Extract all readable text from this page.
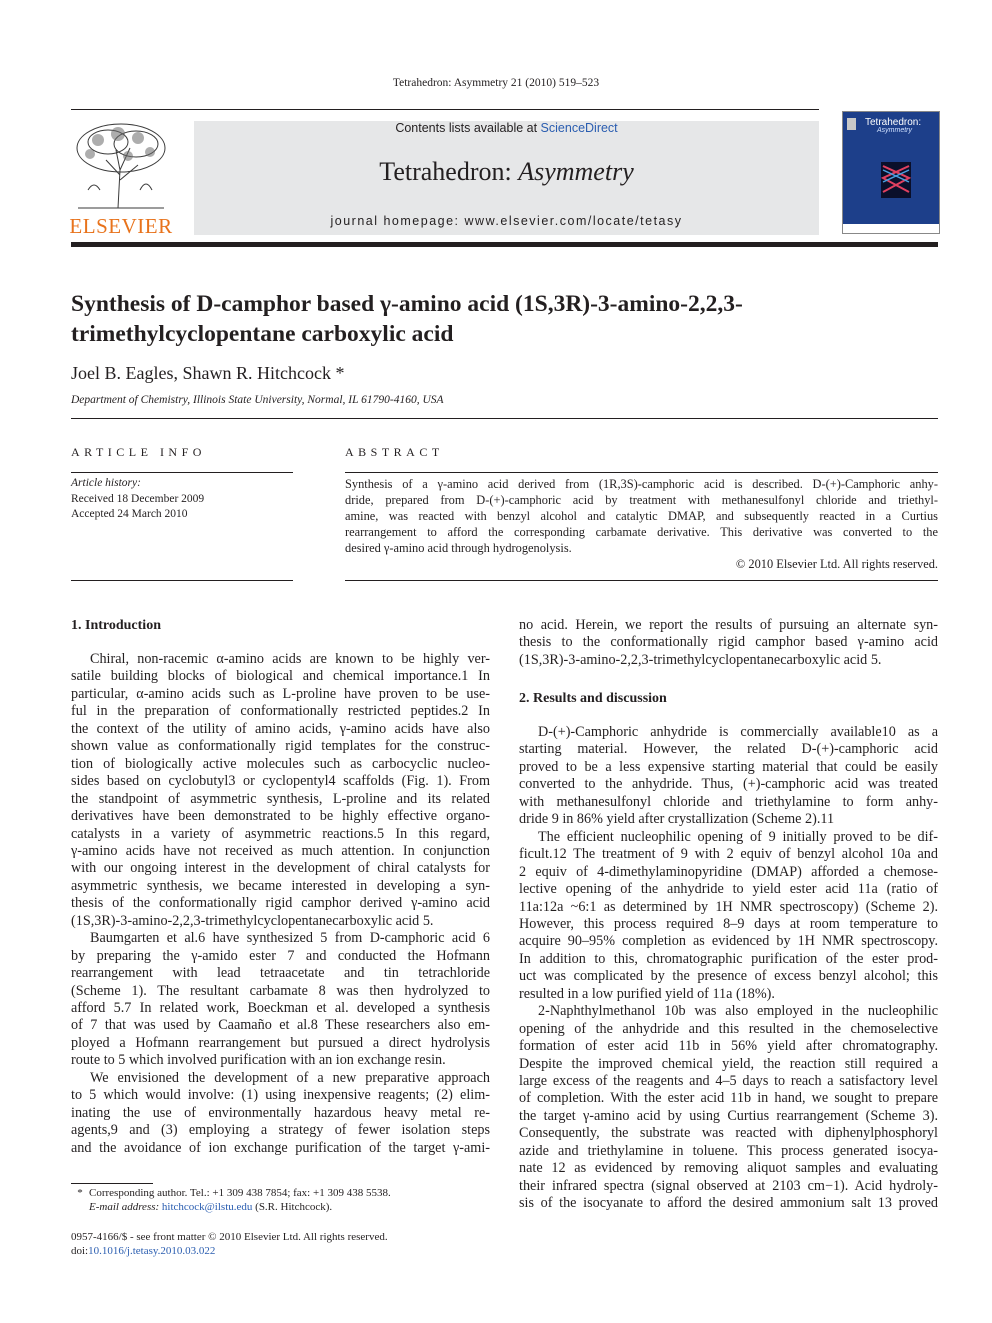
Tetrahedron: Asymmetry 21 (2010) 519–523
ELSEVIER
Contents lists available at ScienceDirect
Tetrahedron: Asymmetry
journal homepage: www.elsevier.com/locate/tetasy
Tetrahedron:
Asymmetry
Synthesis of D-camphor based γ-amino acid (1S,3R)-3-amino-2,2,3-
trimethylcyclopentane carboxylic acid
Joel B. Eagles, Shawn R. Hitchcock *
Department of Chemistry, Illinois State University, Normal, IL 61790-4160, USA
ARTICLE INFO
Article history:
Received 18 December 2009
Accepted 24 March 2010
ABSTRACT
Synthesis of a γ-amino acid derived from (1R,3S)-camphoric acid is described. D-(+)-Camphoric anhy-
dride, prepared from D-(+)-camphoric acid by treatment with methanesulfonyl chloride and triethyl-
amine, was reacted with benzyl alcohol and catalytic DMAP, and subsequently reacted in a Curtius
rearrangement to afford the corresponding carbamate derivative. This derivative was converted to the
desired γ-amino acid through hydrogenolysis.
© 2010 Elsevier Ltd. All rights reserved.
1. Introduction
Chiral, non-racemic α-amino acids are known to be highly ver-
satile building blocks of biological and chemical importance.1 In
particular, α-amino acids such as L-proline have proven to be use-
ful in the preparation of conformationally restricted peptides.2 In
the context of the utility of amino acids, γ-amino acids have also
shown value as conformationally rigid templates for the construc-
tion of biologically active molecules such as carbocyclic nucleo-
sides based on cyclobutyl3 or cyclopentyl4 scaffolds (Fig. 1). From
the standpoint of asymmetric synthesis, L-proline and its related
derivatives have been demonstrated to be highly effective organo-
catalysts in a variety of asymmetric reactions.5 In this regard,
γ-amino acids have not received as much attention. In conjunction
with our ongoing interest in the development of chiral catalysts for
asymmetric synthesis, we became interested in developing a syn-
thesis of the conformationally rigid camphor derived γ-amino acid
(1S,3R)-3-amino-2,2,3-trimethylcyclopentanecarboxylic acid 5.
Baumgarten et al.6 have synthesized 5 from D-camphoric acid 6
by preparing the γ-amido ester 7 and conducted the Hofmann
rearrangement with lead tetraacetate and tin tetrachloride
(Scheme 1). The resultant carbamate 8 was then hydrolyzed to
afford 5.7 In related work, Boeckman et al. developed a synthesis
of 7 that was used by Caamaño et al.8 These researchers also em-
ployed a Hofmann rearrangement but pursued a direct hydrolysis
route to 5 which involved purification with an ion exchange resin.
We envisioned the development of a new preparative approach
to 5 which would involve: (1) using inexpensive reagents; (2) elim-
inating the use of environmentally hazardous heavy metal re-
agents,9 and (3) employing a strategy of fewer isolation steps
and the avoidance of ion exchange purification of the target γ-ami-
* Corresponding author. Tel.: +1 309 438 7854; fax: +1 309 438 5538.
E-mail address: hitchcock@ilstu.edu (S.R. Hitchcock).
0957-4166/$ - see front matter © 2010 Elsevier Ltd. All rights reserved.
doi:10.1016/j.tetasy.2010.03.022
no acid. Herein, we report the results of pursuing an alternate syn-
thesis to the conformationally rigid camphor based γ-amino acid
(1S,3R)-3-amino-2,2,3-trimethylcyclopentanecarboxylic acid 5.
2. Results and discussion
D-(+)-Camphoric anhydride is commercially available10 as a
starting material. However, the related D-(+)-camphoric acid
proved to be a less expensive starting material that could be easily
converted to the anhydride. Thus, (+)-camphoric acid was treated
with methanesulfonyl chloride and triethylamine to form anhy-
dride 9 in 86% yield after crystallization (Scheme 2).11
The efficient nucleophilic opening of 9 initially proved to be dif-
ficult.12 The treatment of 9 with 2 equiv of benzyl alcohol 10a and
2 equiv of 4-dimethylaminopyridine (DMAP) afforded a chemose-
lective opening of the anhydride to yield ester acid 11a (ratio of
11a:12a ~6:1 as determined by 1H NMR spectroscopy) (Scheme 2).
However, this process required 8–9 days at room temperature to
acquire 90–95% completion as evidenced by 1H NMR spectroscopy.
In addition to this, chromatographic purification of the ester prod-
uct was complicated by the presence of excess benzyl alcohol; this
resulted in a low purified yield of 11a (18%).
2-Naphthylmethanol 10b was also employed in the nucleophilic
opening of the anhydride and this resulted in the chemoselective
formation of ester acid 11b in 56% yield after chromatography.
Despite the improved chemical yield, the reaction still required a
large excess of the reagents and 4–5 days to reach a satisfactory level
of completion. With the ester acid 11b in hand, we sought to prepare
the target γ-amino acid by using Curtius rearrangement (Scheme 3).
Consequently, the substrate was reacted with diphenylphosphoryl
azide and triethylamine in toluene. This process generated isocya-
nate 12 as evidenced by removing aliquot samples and evaluating
their infrared spectra (signal observed at 2103 cm−1). Acid hydroly-
sis of the isocyanate to afford the desired ammonium salt 13 proved
